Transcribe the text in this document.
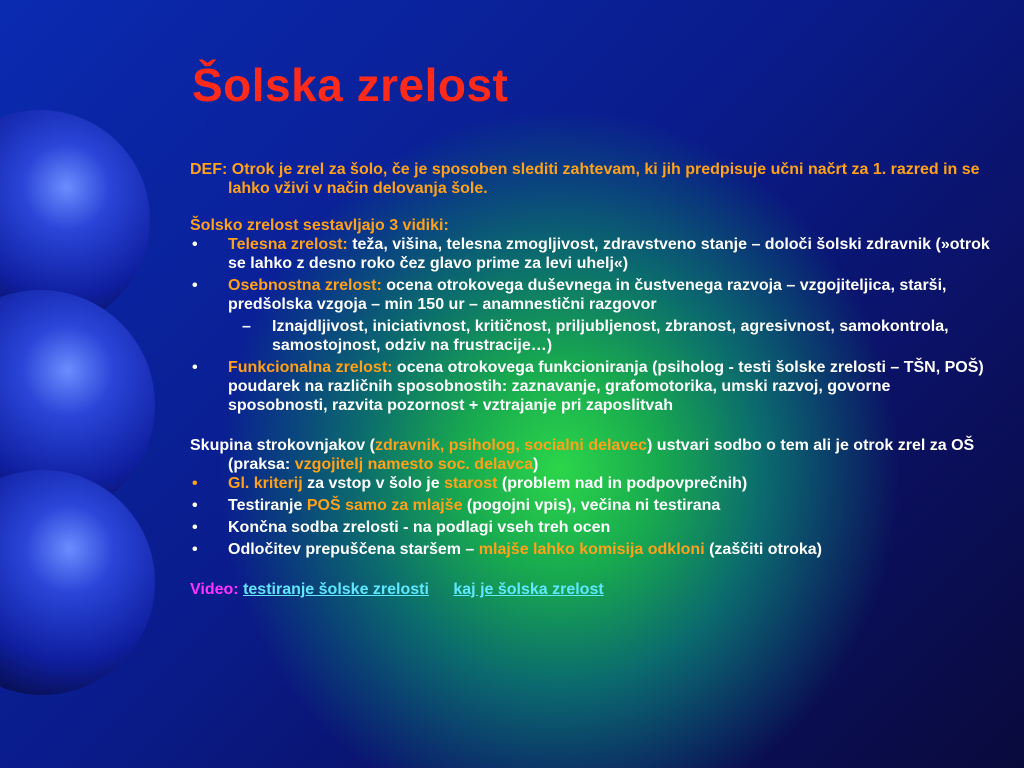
Šolska zrelost

DEF: Otrok je zrel za šolo, če je sposoben slediti zahtevam, ki jih predpisuje učni načrt za 1. razred in se lahko vživi v način delovanja šole.

Šolsko zrelost sestavljajo 3 vidiki:

• Telesna zrelost: teža, višina, telesna zmogljivost, zdravstveno stanje – določi šolski zdravnik (»otrok se lahko z desno roko čez glavo prime za levi uhelj«)
• Osebnostna zrelost: ocena otrokovega duševnega in čustvenega razvoja – vzgojiteljica, starši, predšolska vzgoja – min 150 ur – anamnestični razgovor
– Iznajdljivost, iniciativnost, kritičnost, priljubljenost, zbranost, agresivnost, samokontrola, samostojnost, odziv na frustracije…)
• Funkcionalna zrelost: ocena otrokovega funkcioniranja (psiholog - testi šolske zrelosti – TŠN, POŠ) poudarek na različnih sposobnostih: zaznavanje, grafomotorika, umski razvoj, govorne sposobnosti, razvita pozornost + vztrajanje pri zaposlitvah

Skupina strokovnjakov (zdravnik, psiholog, socialni delavec) ustvari sodbo o tem ali je otrok zrel za OŠ (praksa: vzgojitelj namesto soc. delavca)

• Gl. kriterij za vstop v šolo je starost (problem nad in podpovprečnih)
• Testiranje POŠ samo za mlajše (pogojni vpis), večina ni testirana
• Končna sodba zrelosti - na podlagi vseh treh ocen
• Odločitev prepuščena staršem – mlajše lahko komisija odkloni (zaščiti otroka)

Video: testiranje šolske zrelosti kaj je šolska zrelost
